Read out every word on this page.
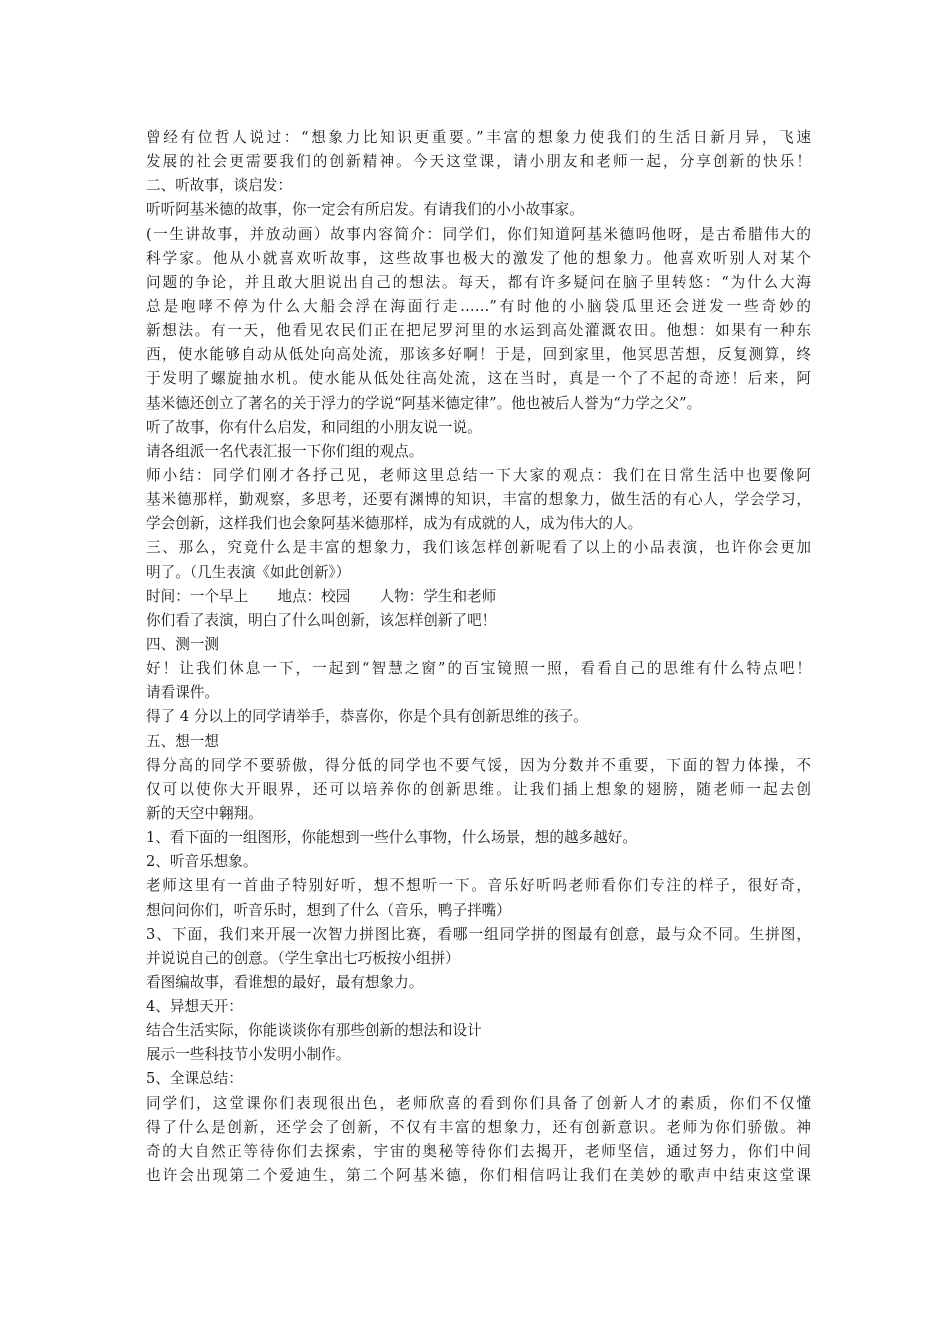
曾经有位哲人说过：“想象力比知识更重要。”丰富的想象力使我们的生活日新月异，飞速
发展的社会更需要我们的创新精神。今天这堂课，请小朋友和老师一起，分享创新的快乐！
二、听故事，谈启发：
听听阿基米德的故事，你一定会有所启发。有请我们的小小故事家。
(一生讲故事，并放动画）故事内容简介：同学们，你们知道阿基米德吗他呀，是古希腊伟大的
科学家。他从小就喜欢听故事，这些故事也极大的激发了他的想象力。他喜欢听别人对某个
问题的争论，并且敢大胆说出自己的想法。每天，都有许多疑问在脑子里转悠：“为什么大海
总是咆哮不停为什么大船会浮在海面行走……”有时他的小脑袋瓜里还会迸发一些奇妙的
新想法。有一天，他看见农民们正在把尼罗河里的水运到高处灌溉农田。他想：如果有一种东
西，使水能够自动从低处向高处流，那该多好啊！于是，回到家里，他冥思苦想，反复测算，终
于发明了螺旋抽水机。使水能从低处往高处流，这在当时，真是一个了不起的奇迹！后来，阿
基米德还创立了著名的关于浮力的学说“阿基米德定律”。他也被后人誉为“力学之父”。
听了故事，你有什么启发，和同组的小朋友说一说。
请各组派一名代表汇报一下你们组的观点。
师小结：同学们刚才各抒己见，老师这里总结一下大家的观点：我们在日常生活中也要像阿
基米德那样，勤观察，多思考，还要有渊博的知识，丰富的想象力，做生活的有心人，学会学习，
学会创新，这样我们也会象阿基米德那样，成为有成就的人，成为伟大的人。
三、那么，究竟什么是丰富的想象力，我们该怎样创新呢看了以上的小品表演，也许你会更加
明了。（几生表演《如此创新》）
时间：一个早上　　地点：校园　　人物：学生和老师
你们看了表演，明白了什么叫创新，该怎样创新了吧！
四、测一测
好！让我们休息一下，一起到“智慧之窗”的百宝镜照一照，看看自己的思维有什么特点吧！
请看课件。
得了 4 分以上的同学请举手，恭喜你，你是个具有创新思维的孩子。
五、想一想
得分高的同学不要骄傲，得分低的同学也不要气馁，因为分数并不重要，下面的智力体操，不
仅可以使你大开眼界，还可以培养你的创新思维。让我们插上想象的翅膀，随老师一起去创
新的天空中翱翔。
1、看下面的一组图形，你能想到一些什么事物，什么场景，想的越多越好。
2、听音乐想象。
老师这里有一首曲子特别好听，想不想听一下。音乐好听吗老师看你们专注的样子，很好奇，
想问问你们，听音乐时，想到了什么（音乐，鸭子拌嘴）
3、下面，我们来开展一次智力拼图比赛，看哪一组同学拼的图最有创意，最与众不同。生拼图，
并说说自己的创意。（学生拿出七巧板按小组拼）
看图编故事，看谁想的最好，最有想象力。
4、异想天开：
结合生活实际，你能谈谈你有那些创新的想法和设计
展示一些科技节小发明小制作。
5、全课总结：
同学们，这堂课你们表现很出色，老师欣喜的看到你们具备了创新人才的素质，你们不仅懂
得了什么是创新，还学会了创新，不仅有丰富的想象力，还有创新意识。老师为你们骄傲。神
奇的大自然正等待你们去探索，宇宙的奥秘等待你们去揭开，老师坚信，通过努力，你们中间
也许会出现第二个爱迪生，第二个阿基米德，你们相信吗让我们在美妙的歌声中结束这堂课
